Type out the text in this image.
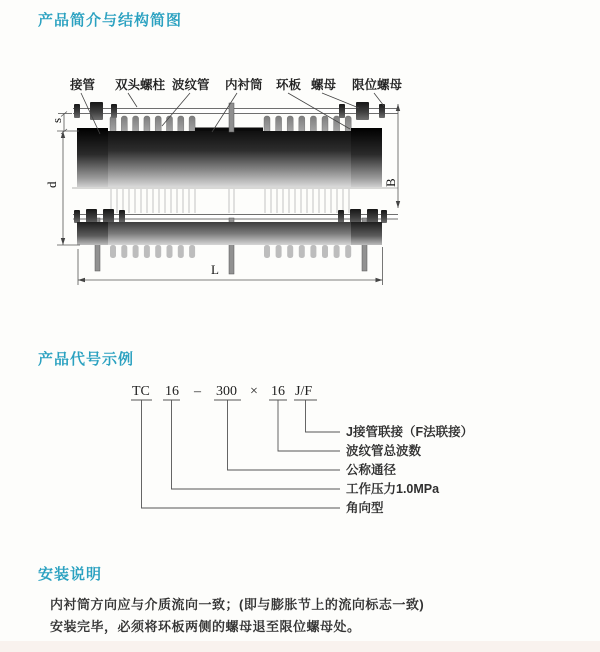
产品简介与结构简图
s
d	B
L
接管 双头螺柱 波纹管 内衬筒 环板 螺母 限位螺母
产品代号示例
TC 16 – 300 × 16 J/F
J接管联接（F法联接）
波纹管总波数
公称通径
工作压力1.0MPa
角向型
安装说明
内衬筒方向应与介质流向一致；(即与膨胀节上的流向标志一致)
安装完毕，必须将环板两侧的螺母退至限位螺母处。
